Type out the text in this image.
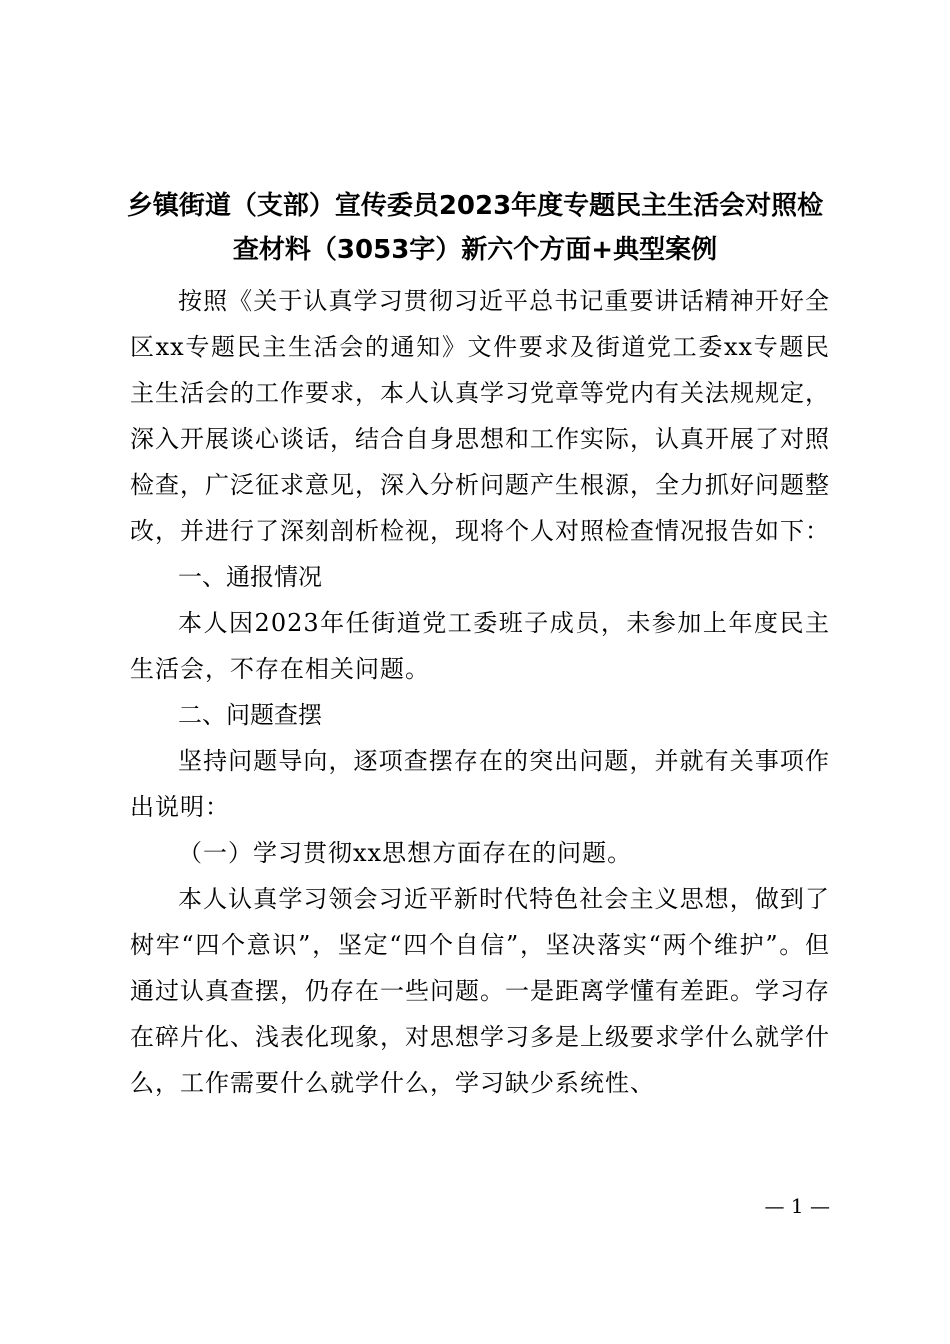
乡镇街道（支部）宣传委员2023年度专题民主生活会对照检查材料（3053字）新六个方面+典型案例

按照《关于认真学习贯彻习近平总书记重要讲话精神开好全区xx专题民主生活会的通知》文件要求及街道党工委xx专题民主生活会的工作要求，本人认真学习党章等党内有关法规规定，深入开展谈心谈话，结合自身思想和工作实际，认真开展了对照检查，广泛征求意见，深入分析问题产生根源，全力抓好问题整改，并进行了深刻剖析检视，现将个人对照检查情况报告如下：

一、通报情况

本人因2023年任街道党工委班子成员，未参加上年度民主生活会，不存在相关问题。

二、问题查摆

坚持问题导向，逐项查摆存在的突出问题，并就有关事项作出说明：

（一）学习贯彻xx思想方面存在的问题。

本人认真学习领会习近平新时代特色社会主义思想，做到了树牢“四个意识”，坚定“四个自信”，坚决落实“两个维护”。但通过认真查摆，仍存在一些问题。一是距离学懂有差距。学习存在碎片化、浅表化现象，对思想学习多是上级要求学什么就学什么，工作需要什么就学什么，学习缺少系统性、

— 1 —
